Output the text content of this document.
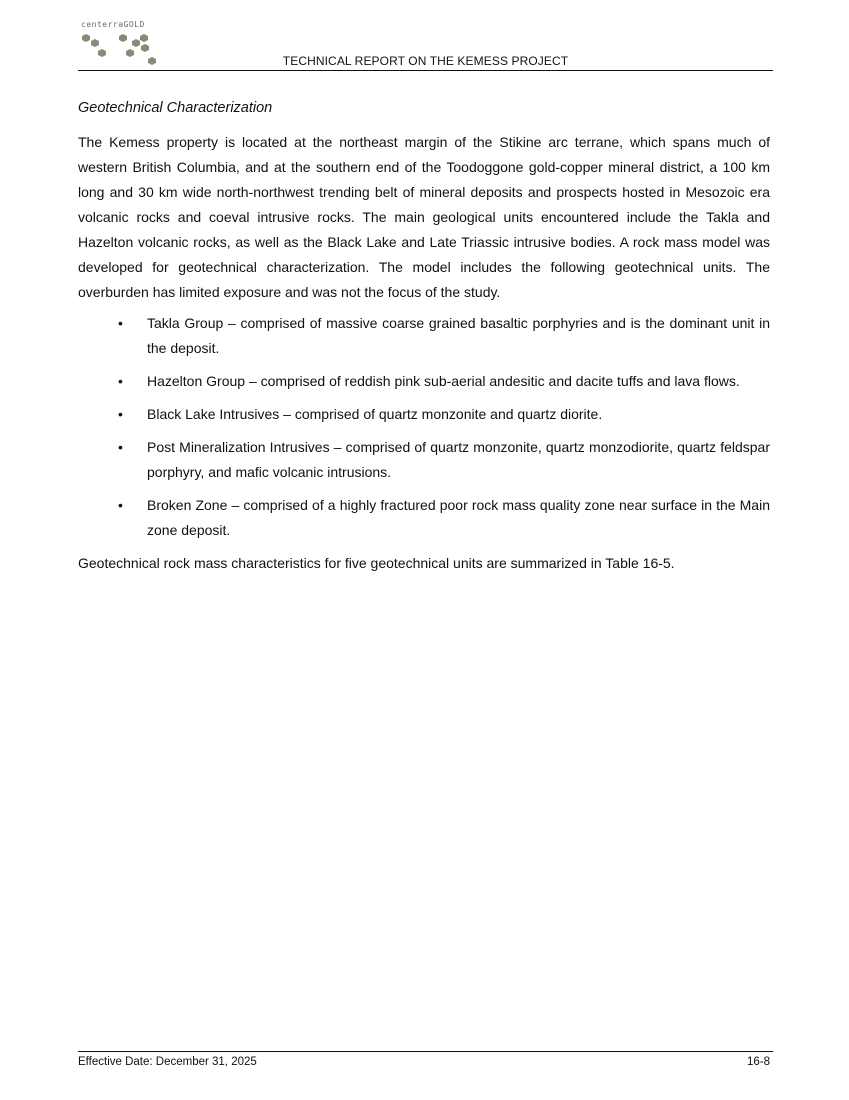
centerraGOLD
TECHNICAL REPORT ON THE KEMESS PROJECT
Geotechnical Characterization

The Kemess property is located at the northeast margin of the Stikine arc terrane, which spans much of western British Columbia, and at the southern end of the Toodoggone gold-copper mineral district, a 100 km long and 30 km wide north-northwest trending belt of mineral deposits and prospects hosted in Mesozoic era volcanic rocks and coeval intrusive rocks. The main geological units encountered include the Takla and Hazelton volcanic rocks, as well as the Black Lake and Late Triassic intrusive bodies. A rock mass model was developed for geotechnical characterization. The model includes the following geotechnical units. The overburden has limited exposure and was not the focus of the study.

• Takla Group – comprised of massive coarse grained basaltic porphyries and is the dominant unit in the deposit.
• Hazelton Group – comprised of reddish pink sub-aerial andesitic and dacite tuffs and lava flows.
• Black Lake Intrusives – comprised of quartz monzonite and quartz diorite.
• Post Mineralization Intrusives – comprised of quartz monzonite, quartz monzodiorite, quartz feldspar porphyry, and mafic volcanic intrusions.
• Broken Zone – comprised of a highly fractured poor rock mass quality zone near surface in the Main zone deposit.

Geotechnical rock mass characteristics for five geotechnical units are summarized in Table 16-5.

Effective Date: December 31, 2025	16-8
